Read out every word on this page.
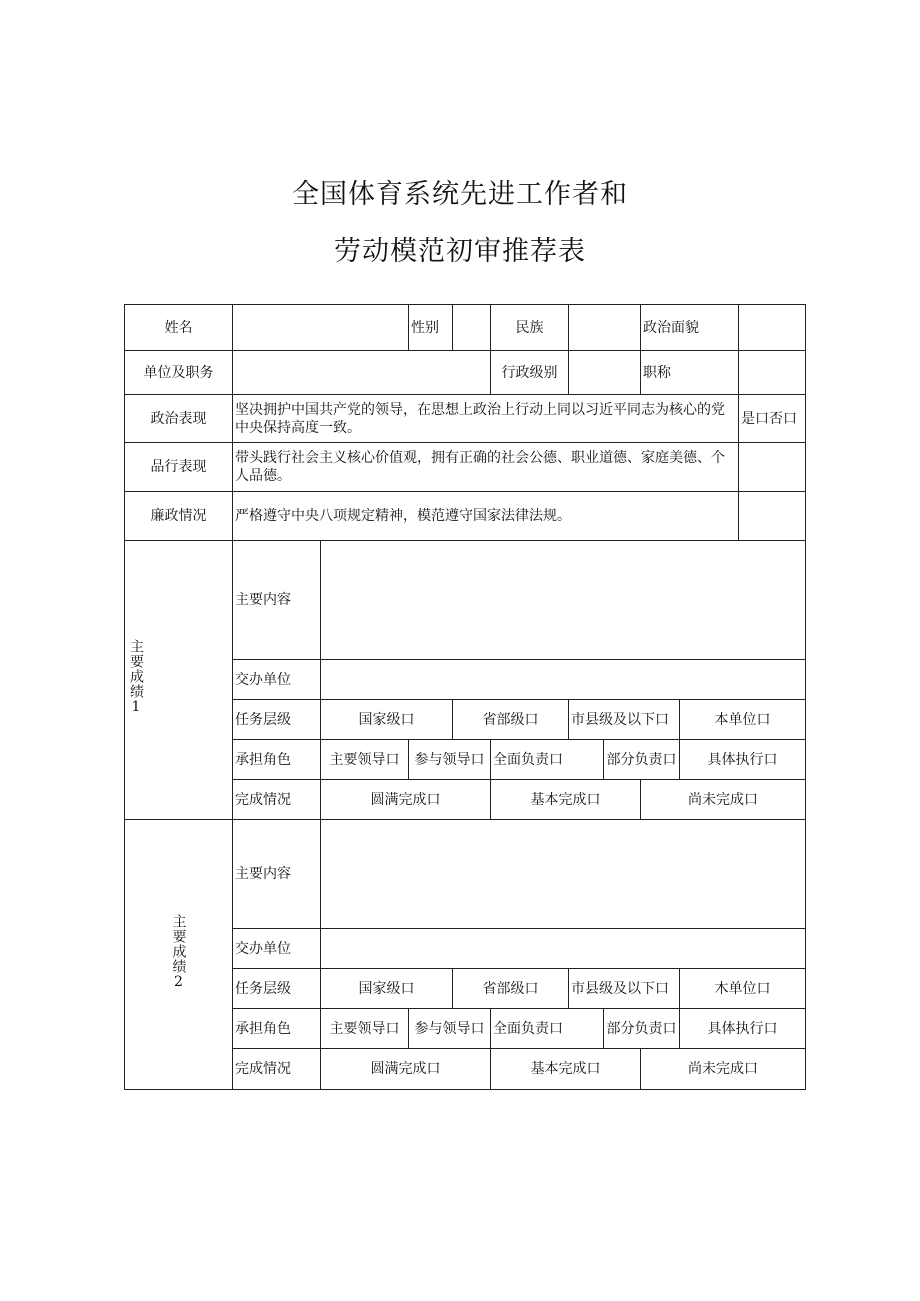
全国体育系统先进工作者和
劳动模范初审推荐表
姓名			性别		民族			政治面貌		
单位及职务					行政级别			职称		
政治表现	坚决拥护中国共产党的领导，在思想上政治上行动上同以习近平同志为核心的党中央保持高度一致。									是口否口
品行表现	带头践行社会主义核心价值观，拥有正确的社会公德、职业道德、家庭美德、个人品德。									
廉政情况	严格遵守中央八项规定精神，模范遵守国家法律法规。									
主要成绩1	主要内容									
	交办单位									
	任务层级	国家级口		省部级口		市县级及以下口			本单位口	
	承担角色	主要领导口	参与领导口		全面负责口		部分负责口		具体执行口	
	完成情况	圆满完成口			基本完成口			尚未完成口		
主要成绩2	主要内容									
	交办单位									
	任务层级	国家级口		省部级口		市县级及以下口			木单位口	
	承担角色	主要领导口	参与领导口		全面负责口		部分负责口		具体执行口	
	完成情况	圆满完成口			基本完成口			尚未完成口		
